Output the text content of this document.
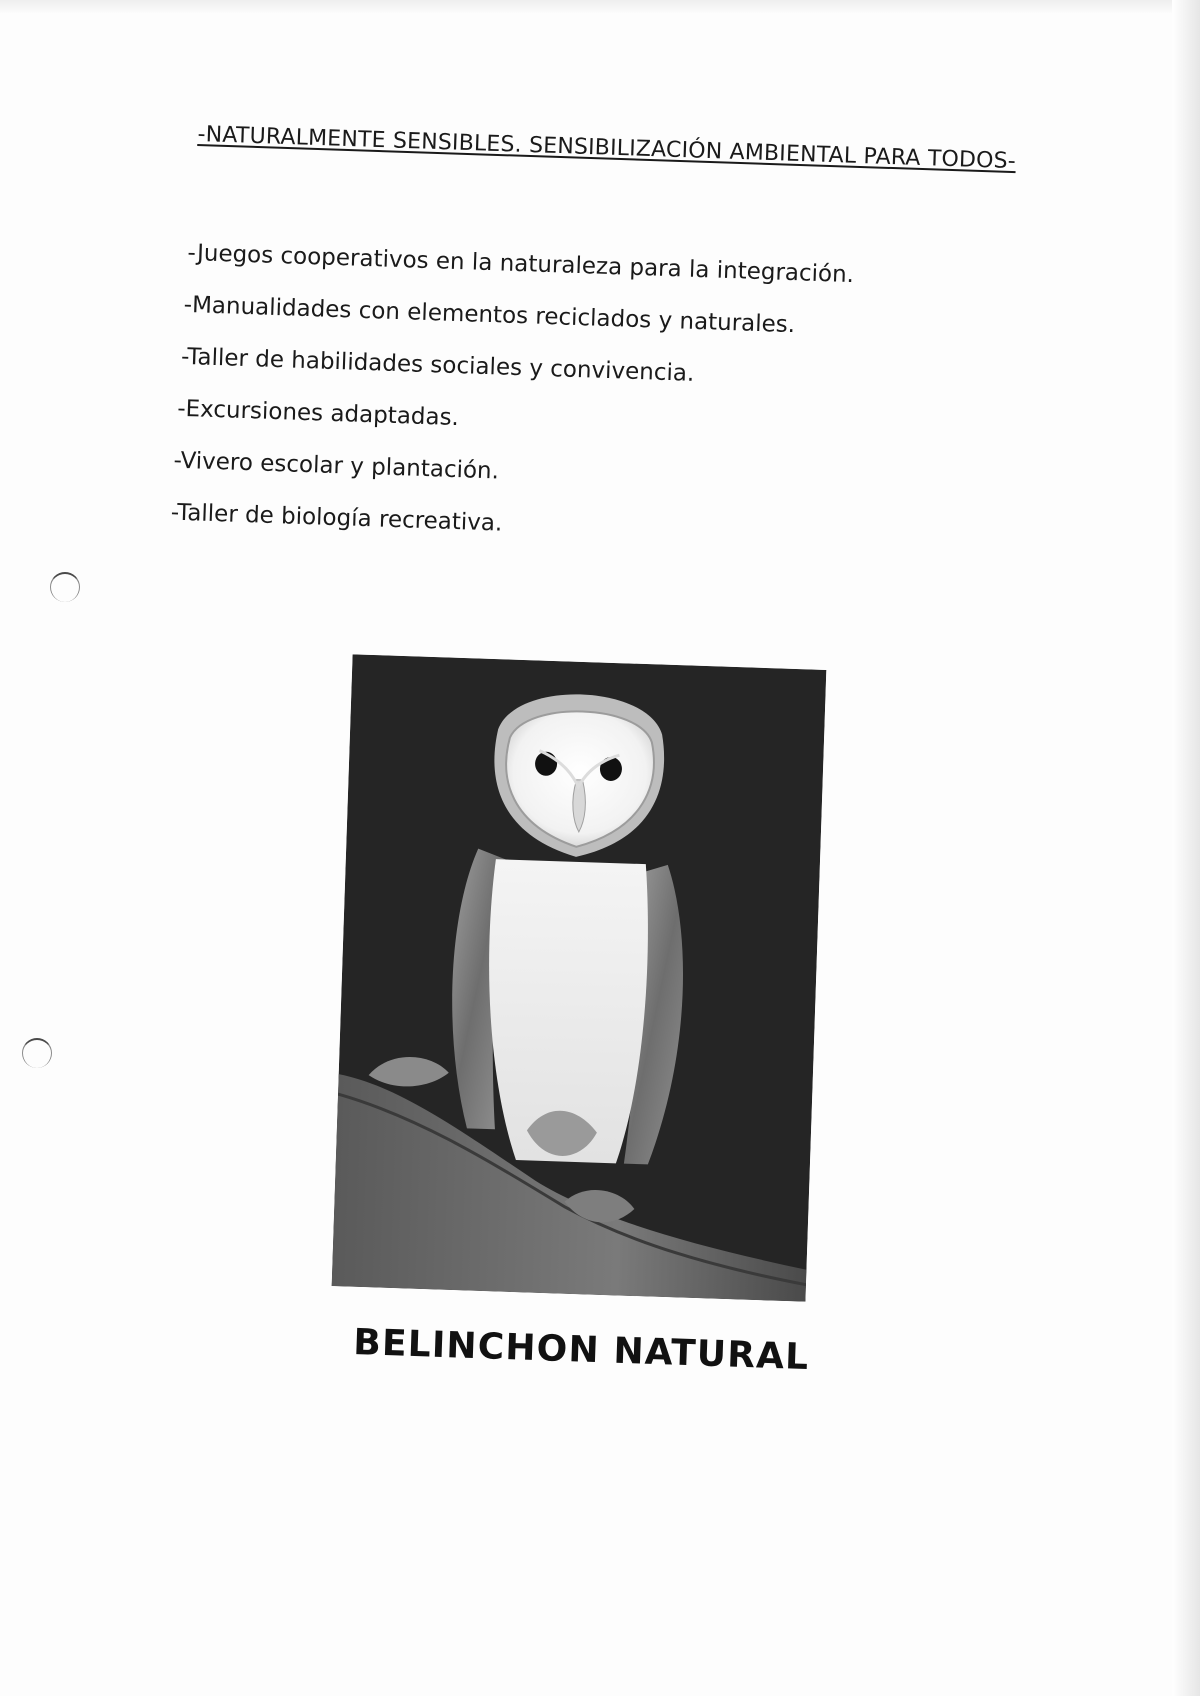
-NATURALMENTE SENSIBLES. SENSIBILIZACIÓN AMBIENTAL PARA TODOS-
-Juegos cooperativos en la naturaleza para la integración.
-Manualidades con elementos reciclados y naturales.
-Taller de habilidades sociales y convivencia.
-Excursiones adaptadas.
-Vivero escolar y plantación.
-Taller de biología recreativa.

BELINCHON NATURAL
